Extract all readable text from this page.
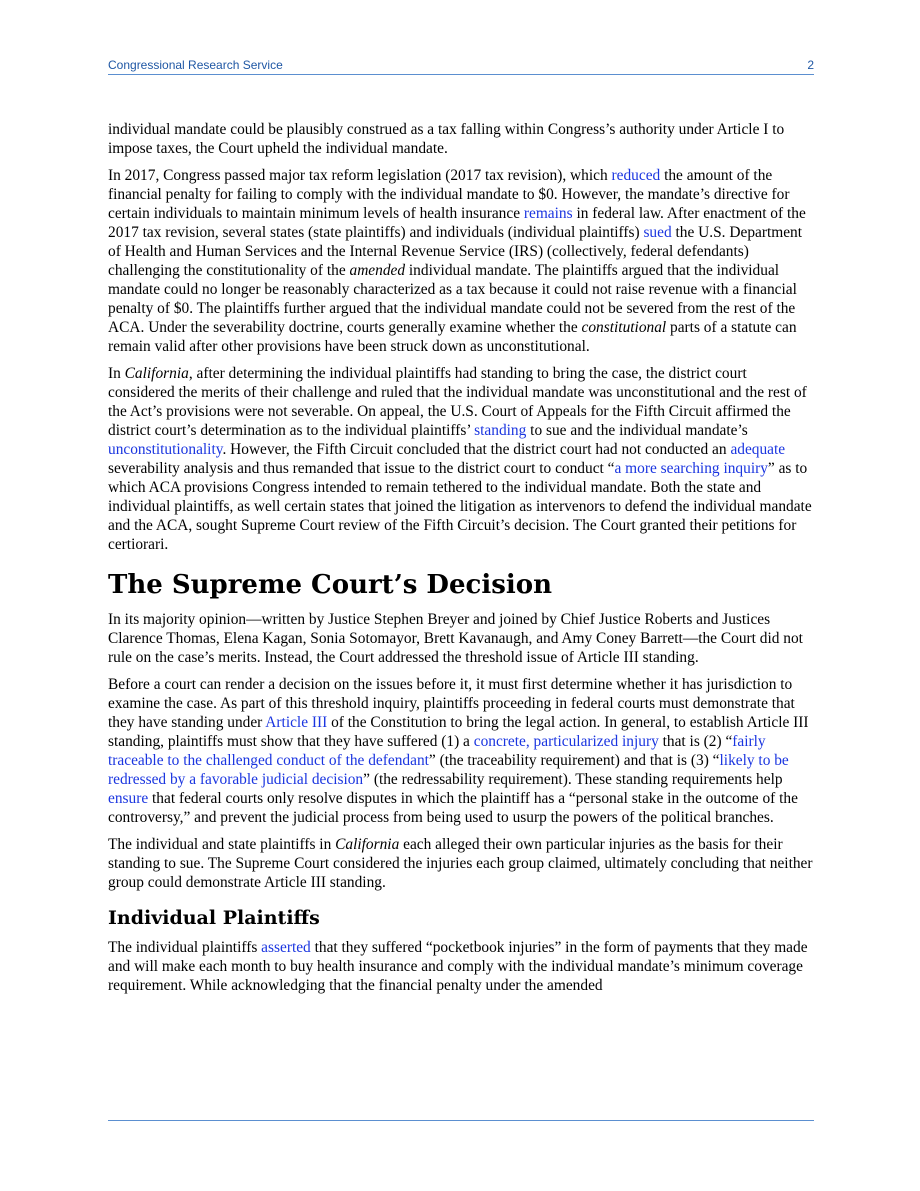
Congressional Research Service	2

individual mandate could be plausibly construed as a tax falling within Congress’s authority under Article I to impose taxes, the Court upheld the individual mandate.

In 2017, Congress passed major tax reform legislation (2017 tax revision), which reduced the amount of the financial penalty for failing to comply with the individual mandate to $0. However, the mandate’s directive for certain individuals to maintain minimum levels of health insurance remains in federal law. After enactment of the 2017 tax revision, several states (state plaintiffs) and individuals (individual plaintiffs) sued the U.S. Department of Health and Human Services and the Internal Revenue Service (IRS) (collectively, federal defendants) challenging the constitutionality of the amended individual mandate. The plaintiffs argued that the individual mandate could no longer be reasonably characterized as a tax because it could not raise revenue with a financial penalty of $0. The plaintiffs further argued that the individual mandate could not be severed from the rest of the ACA. Under the severability doctrine, courts generally examine whether the constitutional parts of a statute can remain valid after other provisions have been struck down as unconstitutional.

In California, after determining the individual plaintiffs had standing to bring the case, the district court considered the merits of their challenge and ruled that the individual mandate was unconstitutional and the rest of the Act’s provisions were not severable. On appeal, the U.S. Court of Appeals for the Fifth Circuit affirmed the district court’s determination as to the individual plaintiffs’ standing to sue and the individual mandate’s unconstitutionality. However, the Fifth Circuit concluded that the district court had not conducted an adequate severability analysis and thus remanded that issue to the district court to conduct “a more searching inquiry” as to which ACA provisions Congress intended to remain tethered to the individual mandate. Both the state and individual plaintiffs, as well certain states that joined the litigation as intervenors to defend the individual mandate and the ACA, sought Supreme Court review of the Fifth Circuit’s decision. The Court granted their petitions for certiorari.

The Supreme Court’s Decision

In its majority opinion—written by Justice Stephen Breyer and joined by Chief Justice Roberts and Justices Clarence Thomas, Elena Kagan, Sonia Sotomayor, Brett Kavanaugh, and Amy Coney Barrett—the Court did not rule on the case’s merits. Instead, the Court addressed the threshold issue of Article III standing.

Before a court can render a decision on the issues before it, it must first determine whether it has jurisdiction to examine the case. As part of this threshold inquiry, plaintiffs proceeding in federal courts must demonstrate that they have standing under Article III of the Constitution to bring the legal action. In general, to establish Article III standing, plaintiffs must show that they have suffered (1) a concrete, particularized injury that is (2) “fairly traceable to the challenged conduct of the defendant” (the traceability requirement) and that is (3) “likely to be redressed by a favorable judicial decision” (the redressability requirement). These standing requirements help ensure that federal courts only resolve disputes in which the plaintiff has a “personal stake in the outcome of the controversy,” and prevent the judicial process from being used to usurp the powers of the political branches.

The individual and state plaintiffs in California each alleged their own particular injuries as the basis for their standing to sue. The Supreme Court considered the injuries each group claimed, ultimately concluding that neither group could demonstrate Article III standing.

Individual Plaintiffs

The individual plaintiffs asserted that they suffered “pocketbook injuries” in the form of payments that they made and will make each month to buy health insurance and comply with the individual mandate’s minimum coverage requirement. While acknowledging that the financial penalty under the amended
